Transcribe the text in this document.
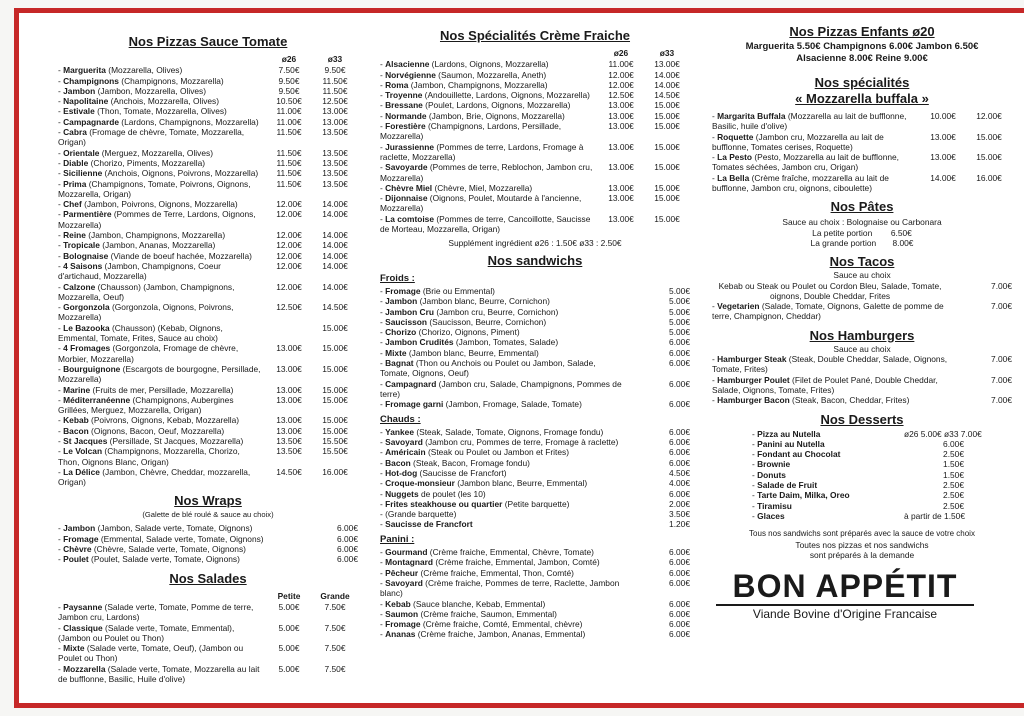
Nos Pizzas Sauce Tomate
ø26	ø33
- Marguerita (Mozzarella, Olives)	7.50€	9.50€
- Champignons (Champignons, Mozzarella)	9.50€	11.50€
- Jambon (Jambon, Mozzarella, Olives)	9.50€	11.50€
- Napolitaine (Anchois, Mozzarella, Olives)	10.50€	12.50€
- Estivale (Thon, Tomate, Mozzarella, Olives)	11.00€	13.00€
- Campagnarde (Lardons, Champignons, Mozzarella)	11.00€	13.00€
- Cabra (Fromage de chèvre, Tomate, Mozzarella, Origan)
11.50€	13.50€
- Orientale (Merguez, Mozzarella, Olives)	11.50€	13.50€
- Diable (Chorizo, Piments, Mozzarella)	11.50€	13.50€
- Sicilienne (Anchois, Oignons, Poivrons, Mozzarella)	11.50€	13.50€
- Prima (Champignons, Tomate, Poivrons, Oignons, Mozzarella, Origan)
11.50€	13.50€
- Chef (Jambon, Poivrons, Oignons, Mozzarella)	12.00€	14.00€
- Parmentière (Pommes de Terre, Lardons, Oignons, Mozzarella)
12.00€	14.00€
- Reine (Jambon, Champignons, Mozzarella)	12.00€	14.00€
- Tropicale (Jambon, Ananas, Mozzarella)	12.00€	14.00€
- Bolognaise (Viande de boeuf hachée, Mozzarella)	12.00€	14.00€
- 4 Saisons (Jambon, Champignons, Coeur d'artichaud, Mozzarella)
12.00€	14.00€
- Calzone (Chausson) (Jambon, Champignons, Mozzarella, Oeuf)
12.00€	14.00€
- Gorgonzola (Gorgonzola, Oignons, Poivrons, Mozzarella)
12.50€	14.50€
- Le Bazooka (Chausson) (Kebab, Oignons, Emmental, Tomate, Frites, Sauce au choix)
15.00€
- 4 Fromages (Gorgonzola, Fromage de chèvre, Morbier, Mozzarella)
13.00€	15.00€
- Bourguignone (Escargots de bourgogne, Persillade, Mozzarella)
13.00€	15.00€
- Marine (Fruits de mer, Persillade, Mozzarella)	13.00€	15.00€
- Méditerranéenne (Champignons, Aubergines Grillées, Merguez, Mozzarella, Origan)
13.00€	15.00€
- Kebab (Poivrons, Oignons, Kebab, Mozzarella)	13.00€	15.00€
- Bacon (Oignons, Bacon, Oeuf, Mozzarella)	13.00€	15.00€
- St Jacques (Persillade, St Jacques, Mozzarella)	13.50€	15.50€
- Le Volcan (Champignons, Mozzarella, Chorizo, Thon, Oignons Blanc, Origan)
13.50€	15.50€
- La Délice (Jambon, Chèvre, Cheddar, mozzarella, Origan)
14.50€	16.00€
Nos Wraps
(Galette de blé roulé & sauce au choix)
- Jambon (Jambon, Salade verte, Tomate, Oignons)	6.00€
- Fromage (Emmental, Salade verte, Tomate, Oignons)	6.00€
- Chèvre (Chèvre, Salade verte, Tomate, Oignons)	6.00€
- Poulet (Poulet, Salade verte, Tomate, Oignons)	6.00€
Nos Salades
Petite	Grande
- Paysanne (Salade verte, Tomate, Pomme de terre, Jambon cru, Lardons)
5.00€	7.50€
- Classique (Salade verte, Tomate, Emmental), (Jambon ou Poulet ou Thon)
5.00€	7.50€
- Mixte (Salade verte, Tomate, Oeuf), (Jambon ou Poulet ou Thon)
5.00€	7.50€
- Mozzarella (Salade verte, Tomate, Mozzarella au lait de bufflonne, Basilic, Huile d'olive)
5.00€	7.50€
Nos Spécialités Crème Fraiche
ø26	ø33
- Alsacienne (Lardons, Oignons, Mozzarella)	11.00€	13.00€
- Norvégienne (Saumon, Mozzarella, Aneth)	12.00€	14.00€
- Roma (Jambon, Champignons, Mozzarella)	12.00€	14.00€
- Troyenne (Andouillette, Lardons, Oignons, Mozzarella)	12.50€	14.50€
- Bressane (Poulet, Lardons, Oignons, Mozzarella)	13.00€	15.00€
- Normande (Jambon, Brie, Oignons, Mozzarella)	13.00€	15.00€
- Forestière (Champignons, Lardons, Persillade, Mozzarella)
13.00€	15.00€
- Jurassienne (Pommes de terre, Lardons, Fromage à raclette, Mozzarella)
13.00€	15.00€
- Savoyarde (Pommes de terre, Reblochon, Jambon cru, Mozzarella)
13.00€	15.00€
- Chèvre Miel (Chèvre, Miel, Mozzarella)	13.00€	15.00€
- Dijonnaise (Oignons, Poulet, Moutarde à l'ancienne, Mozzarella)
13.00€	15.00€
- La comtoise (Pommes de terre, Cancoillotte, Saucisse de Morteau, Mozzarella, Origan)
13.00€	15.00€
Supplément ingrédient ø26 : 1.50€ ø33 : 2.50€
Nos sandwichs
Froids :
- Fromage (Brie ou Emmental)	5.00€
- Jambon (Jambon blanc, Beurre, Cornichon)	5.00€
- Jambon Cru (Jambon cru, Beurre, Cornichon)	5.00€
- Saucisson (Saucisson, Beurre, Cornichon)	5.00€
- Chorizo (Chorizo, Oignons, Piment)	5.00€
- Jambon Crudités (Jambon, Tomates, Salade)	6.00€
- Mixte (Jambon blanc, Beurre, Emmental)	6.00€
- Bagnat (Thon ou Anchois ou Poulet ou Jambon, Salade, Tomate, Oignons, Oeuf)
6.00€
- Campagnard (Jambon cru, Salade, Champignons, Pommes de terre)
6.00€
- Fromage garni (Jambon, Fromage, Salade, Tomate)	6.00€
Chauds :
- Yankee (Steak, Salade, Tomate, Oignons, Fromage fondu)	6.00€
- Savoyard (Jambon cru, Pommes de terre, Fromage à raclette)	6.00€
- Américain (Steak ou Poulet ou Jambon et Frites)	6.00€
- Bacon (Steak, Bacon, Fromage fondu)	6.00€
- Hot-dog (Saucisse de Francfort)	4.50€
- Croque-monsieur (Jambon blanc, Beurre, Emmental)	4.00€
- Nuggets de poulet (les 10)	6.00€
- Frites steakhouse ou quartier (Petite barquette)	2.00€
- (Grande barquette)	3.50€
- Saucisse de Francfort	1.20€
Panini :
- Gourmand (Crème fraiche, Emmental, Chèvre, Tomate)	6.00€
- Montagnard (Crème fraiche, Emmental, Jambon, Comté)	6.00€
- Pêcheur (Crème fraiche, Emmental, Thon, Comté)	6.00€
- Savoyard (Crème fraiche, Pommes de terre, Raclette, Jambon blanc)
6.00€
- Kebab (Sauce blanche, Kebab, Emmental)	6.00€
- Saumon (Crème fraiche, Saumon, Emmental)	6.00€
- Fromage (Crème fraiche, Comté, Emmental, chèvre)	6.00€
- Ananas (Crème fraiche, Jambon, Ananas, Emmental)	6.00€
Nos Pizzas Enfants ø20
Marguerita 5.50€ Champignons 6.00€ Jambon 6.50€
Alsacienne 8.00€ Reine 9.00€
Nos spécialités
« Mozzarella buffala »
- Margarita Buffala (Mozzarella au lait de bufflonne, Basilic, huile d'olive)
10.00€	12.00€
- Roquette (Jambon cru, Mozzarella au lait de bufflonne, Tomates cerises, Roquette)
13.00€	15.00€
- La Pesto (Pesto, Mozzarella au lait de bufflonne, Tomates séchées, Jambon cru, Origan)
13.00€	15.00€
- La Bella (Crème fraîche, mozzarella au lait de bufflonne, Jambon cru, oignons, ciboulette)
14.00€	16.00€
Nos Pâtes
Sauce au choix : Bolognaise ou Carbonara
La petite portion 6.50€
La grande portion 8.00€
Nos Tacos
Sauce au choix
Kebab ou Steak ou Poulet ou Cordon Bleu, Salade, Tomate, oignons, Double Cheddar, Frites
7.00€
- Vegetarien (Salade, Tomate, Oignons, Galette de pomme de terre, Champignon, Cheddar)
7.00€
Nos Hamburgers
Sauce au choix
- Hamburger Steak (Steak, Double Cheddar, Salade, Oignons, Tomate, Frites)
7.00€
- Hamburger Poulet (Filet de Poulet Pané, Double Cheddar, Salade, Oignons, Tomate, Frites)
7.00€
- Hamburger Bacon (Steak, Bacon, Cheddar, Frites)	7.00€
Nos Desserts
- Pizza au Nutella	ø26 5.00€ ø33 7.00€
- Panini au Nutella	6.00€
- Fondant au Chocolat	2.50€
- Brownie	1.50€
- Donuts	1.50€
- Salade de Fruit	2.50€
- Tarte Daim, Milka, Oreo	2.50€
- Tiramisu	2.50€
- Glaces	à partir de 1.50€
Tous nos sandwichs sont préparés avec la sauce de votre choix
Toutes nos pizzas et nos sandwichs
sont préparés à la demande
BON APPÉTIT
Viande Bovine d'Origine Francaise
